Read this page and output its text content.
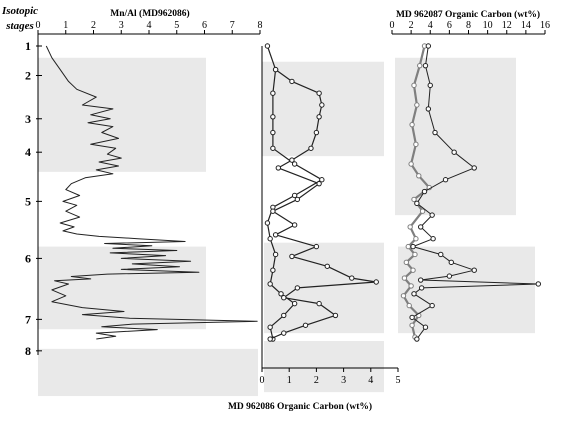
Isotopic
stages
1
2
3
4
5
6
7
8
Mn/Al (MD962086)	MD 962087 Organic Carbon (wt%)
MD 962086 Organic Carbon (wt%)
0 1 2 3 4 5 6 7 8
0 1 2 3 4 5
0 2 4 6 8 10 12 14 16
